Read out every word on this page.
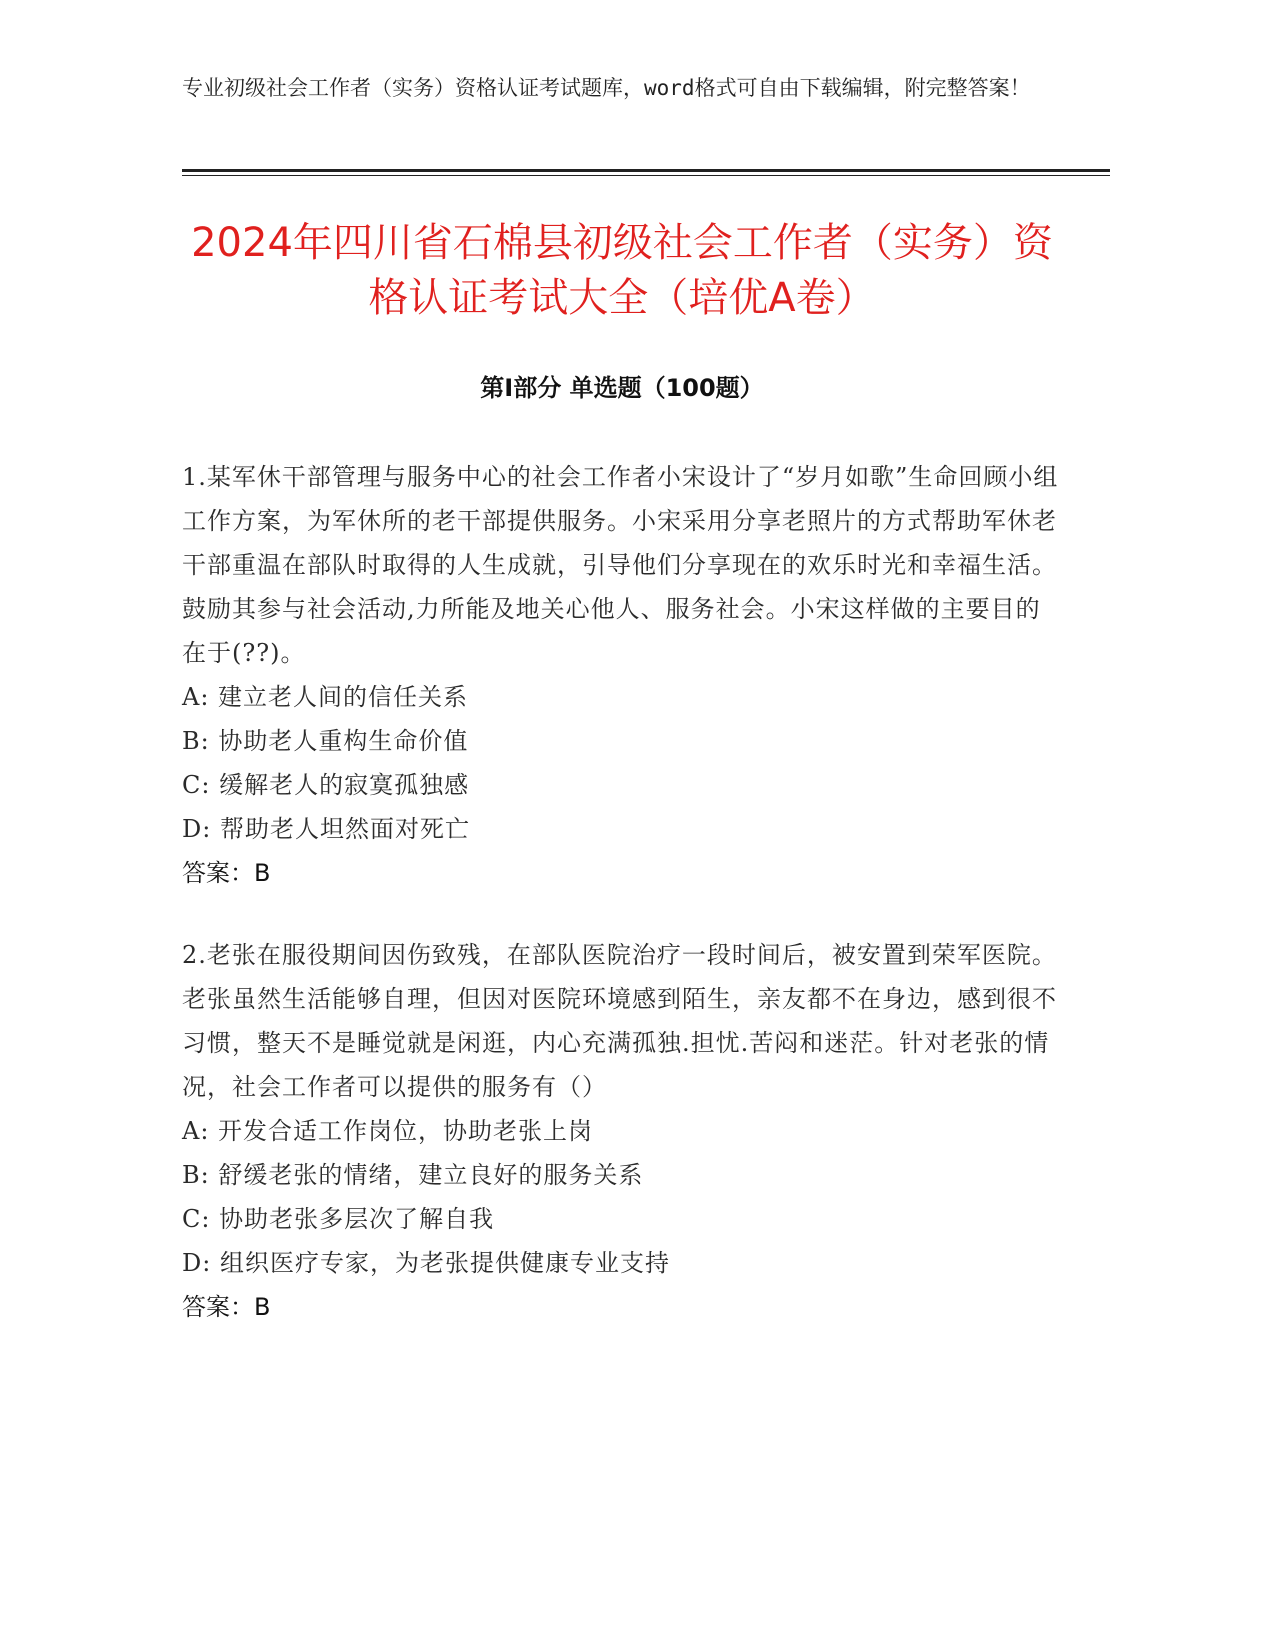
专业初级社会工作者（实务）资格认证考试题库，word格式可自由下载编辑，附完整答案！
2024年四川省石棉县初级社会工作者（实务）资格认证考试大全（培优A卷）
第I部分 单选题（100题）

1.某军休干部管理与服务中心的社会工作者小宋设计了“岁月如歌”生命回顾小组工作方案，为军休所的老干部提供服务。小宋采用分享老照片的方式帮助军休老干部重温在部队时取得的人生成就，引导他们分享现在的欢乐时光和幸福生活。鼓励其参与社会活动,力所能及地关心他人、服务社会。小宋这样做的主要目的在于(??)。

A: 建立老人间的信任关系

B: 协助老人重构生命价值

C: 缓解老人的寂寞孤独感

D: 帮助老人坦然面对死亡

答案：B

2.老张在服役期间因伤致残，在部队医院治疗一段时间后，被安置到荣军医院。老张虽然生活能够自理，但因对医院环境感到陌生，亲友都不在身边，感到很不习惯，整天不是睡觉就是闲逛，内心充满孤独.担忧.苦闷和迷茫。针对老张的情况，社会工作者可以提供的服务有（）

A: 开发合适工作岗位，协助老张上岗

B: 舒缓老张的情绪，建立良好的服务关系

C: 协助老张多层次了解自我

D: 组织医疗专家，为老张提供健康专业支持

答案：B
